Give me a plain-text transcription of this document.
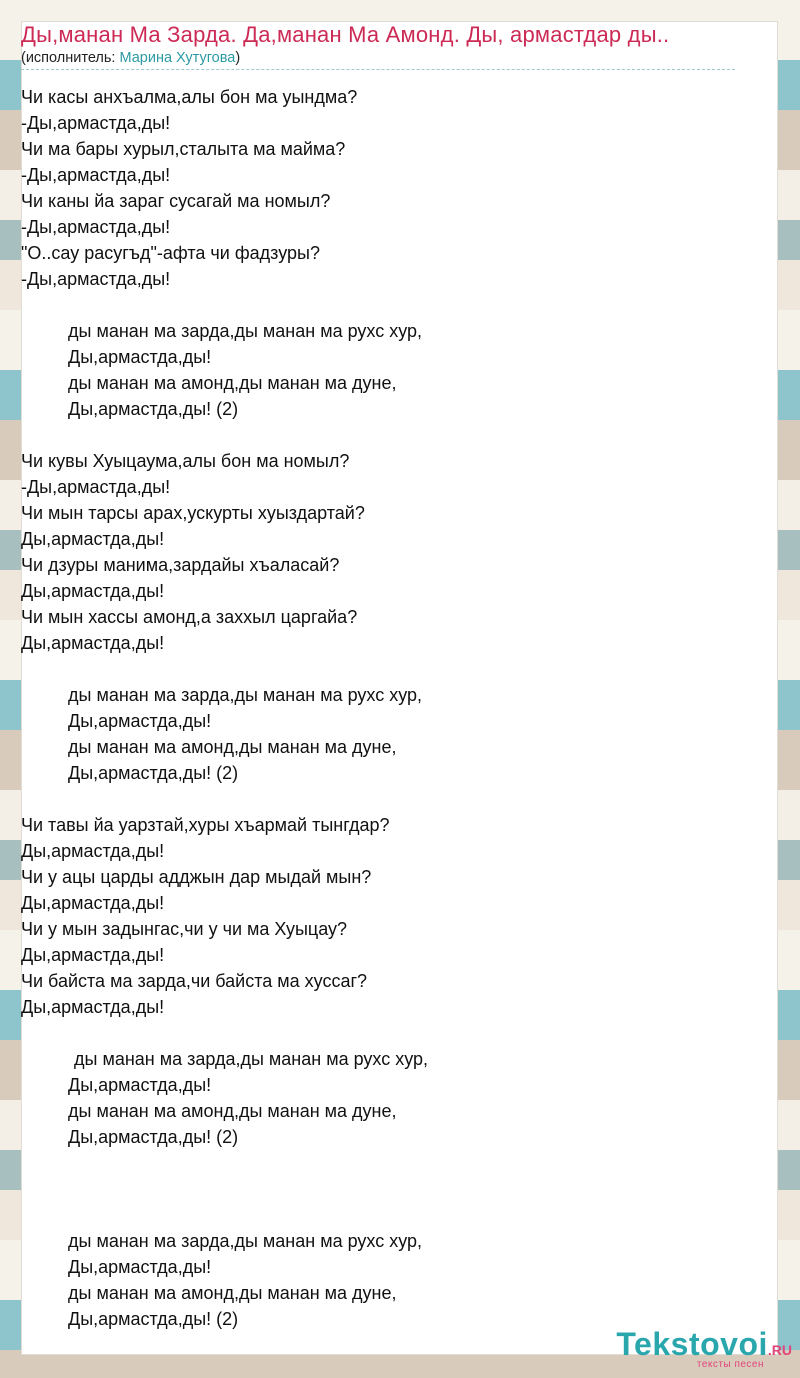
Ды,манан Ма Зарда. Да,манан Ма Амонд. Ды, армастдар ды..
(исполнитель: Марина Хутугова)
Чи касы анхъалма,алы бон ма уындма?
-Ды,армастда,ды!
Чи ма бары хурыл,сталыта ма майма?
-Ды,армастда,ды!
Чи каны йа зараг сусагай ма номыл?
-Ды,армастда,ды!
"О..сау расугъд"-афта чи фадзуры?
-Ды,армастда,ды!
ды манан ма зарда,ды манан ма рухс хур,
Ды,армастда,ды!
ды манан ма амонд,ды манан ма дуне,
Ды,армастда,ды! (2)
Чи кувы Хуыцаума,алы бон ма номыл?
-Ды,армастда,ды!
Чи мын тарсы арах,ускурты хуыздартай?
Ды,армастда,ды!
Чи дзуры манима,зардайы хъаласай?
Ды,армастда,ды!
Чи мын хассы амонд,а заххыл царгайа?
Ды,армастда,ды!
ды манан ма зарда,ды манан ма рухс хур,
Ды,армастда,ды!
ды манан ма амонд,ды манан ма дуне,
Ды,армастда,ды! (2)
Чи тавы йа уарзтай,хуры хъармай тынгдар?
Ды,армастда,ды!
Чи у ацы царды адджын дар мыдай мын?
Ды,армастда,ды!
Чи у мын задынгас,чи у чи ма Хуыцау?
Ды,армастда,ды!
Чи байста ма зарда,чи байста ма хуссаг?
Ды,армастда,ды!
ды манан ма зарда,ды манан ма рухс хур,
Ды,армастда,ды!
ды манан ма амонд,ды манан ма дуне,
Ды,армастда,ды! (2)
ды манан ма зарда,ды манан ма рухс хур,
Ды,армастда,ды!
ды манан ма амонд,ды манан ма дуне,
Ды,армастда,ды! (2)
Tekstovoi.RU
тексты песен
